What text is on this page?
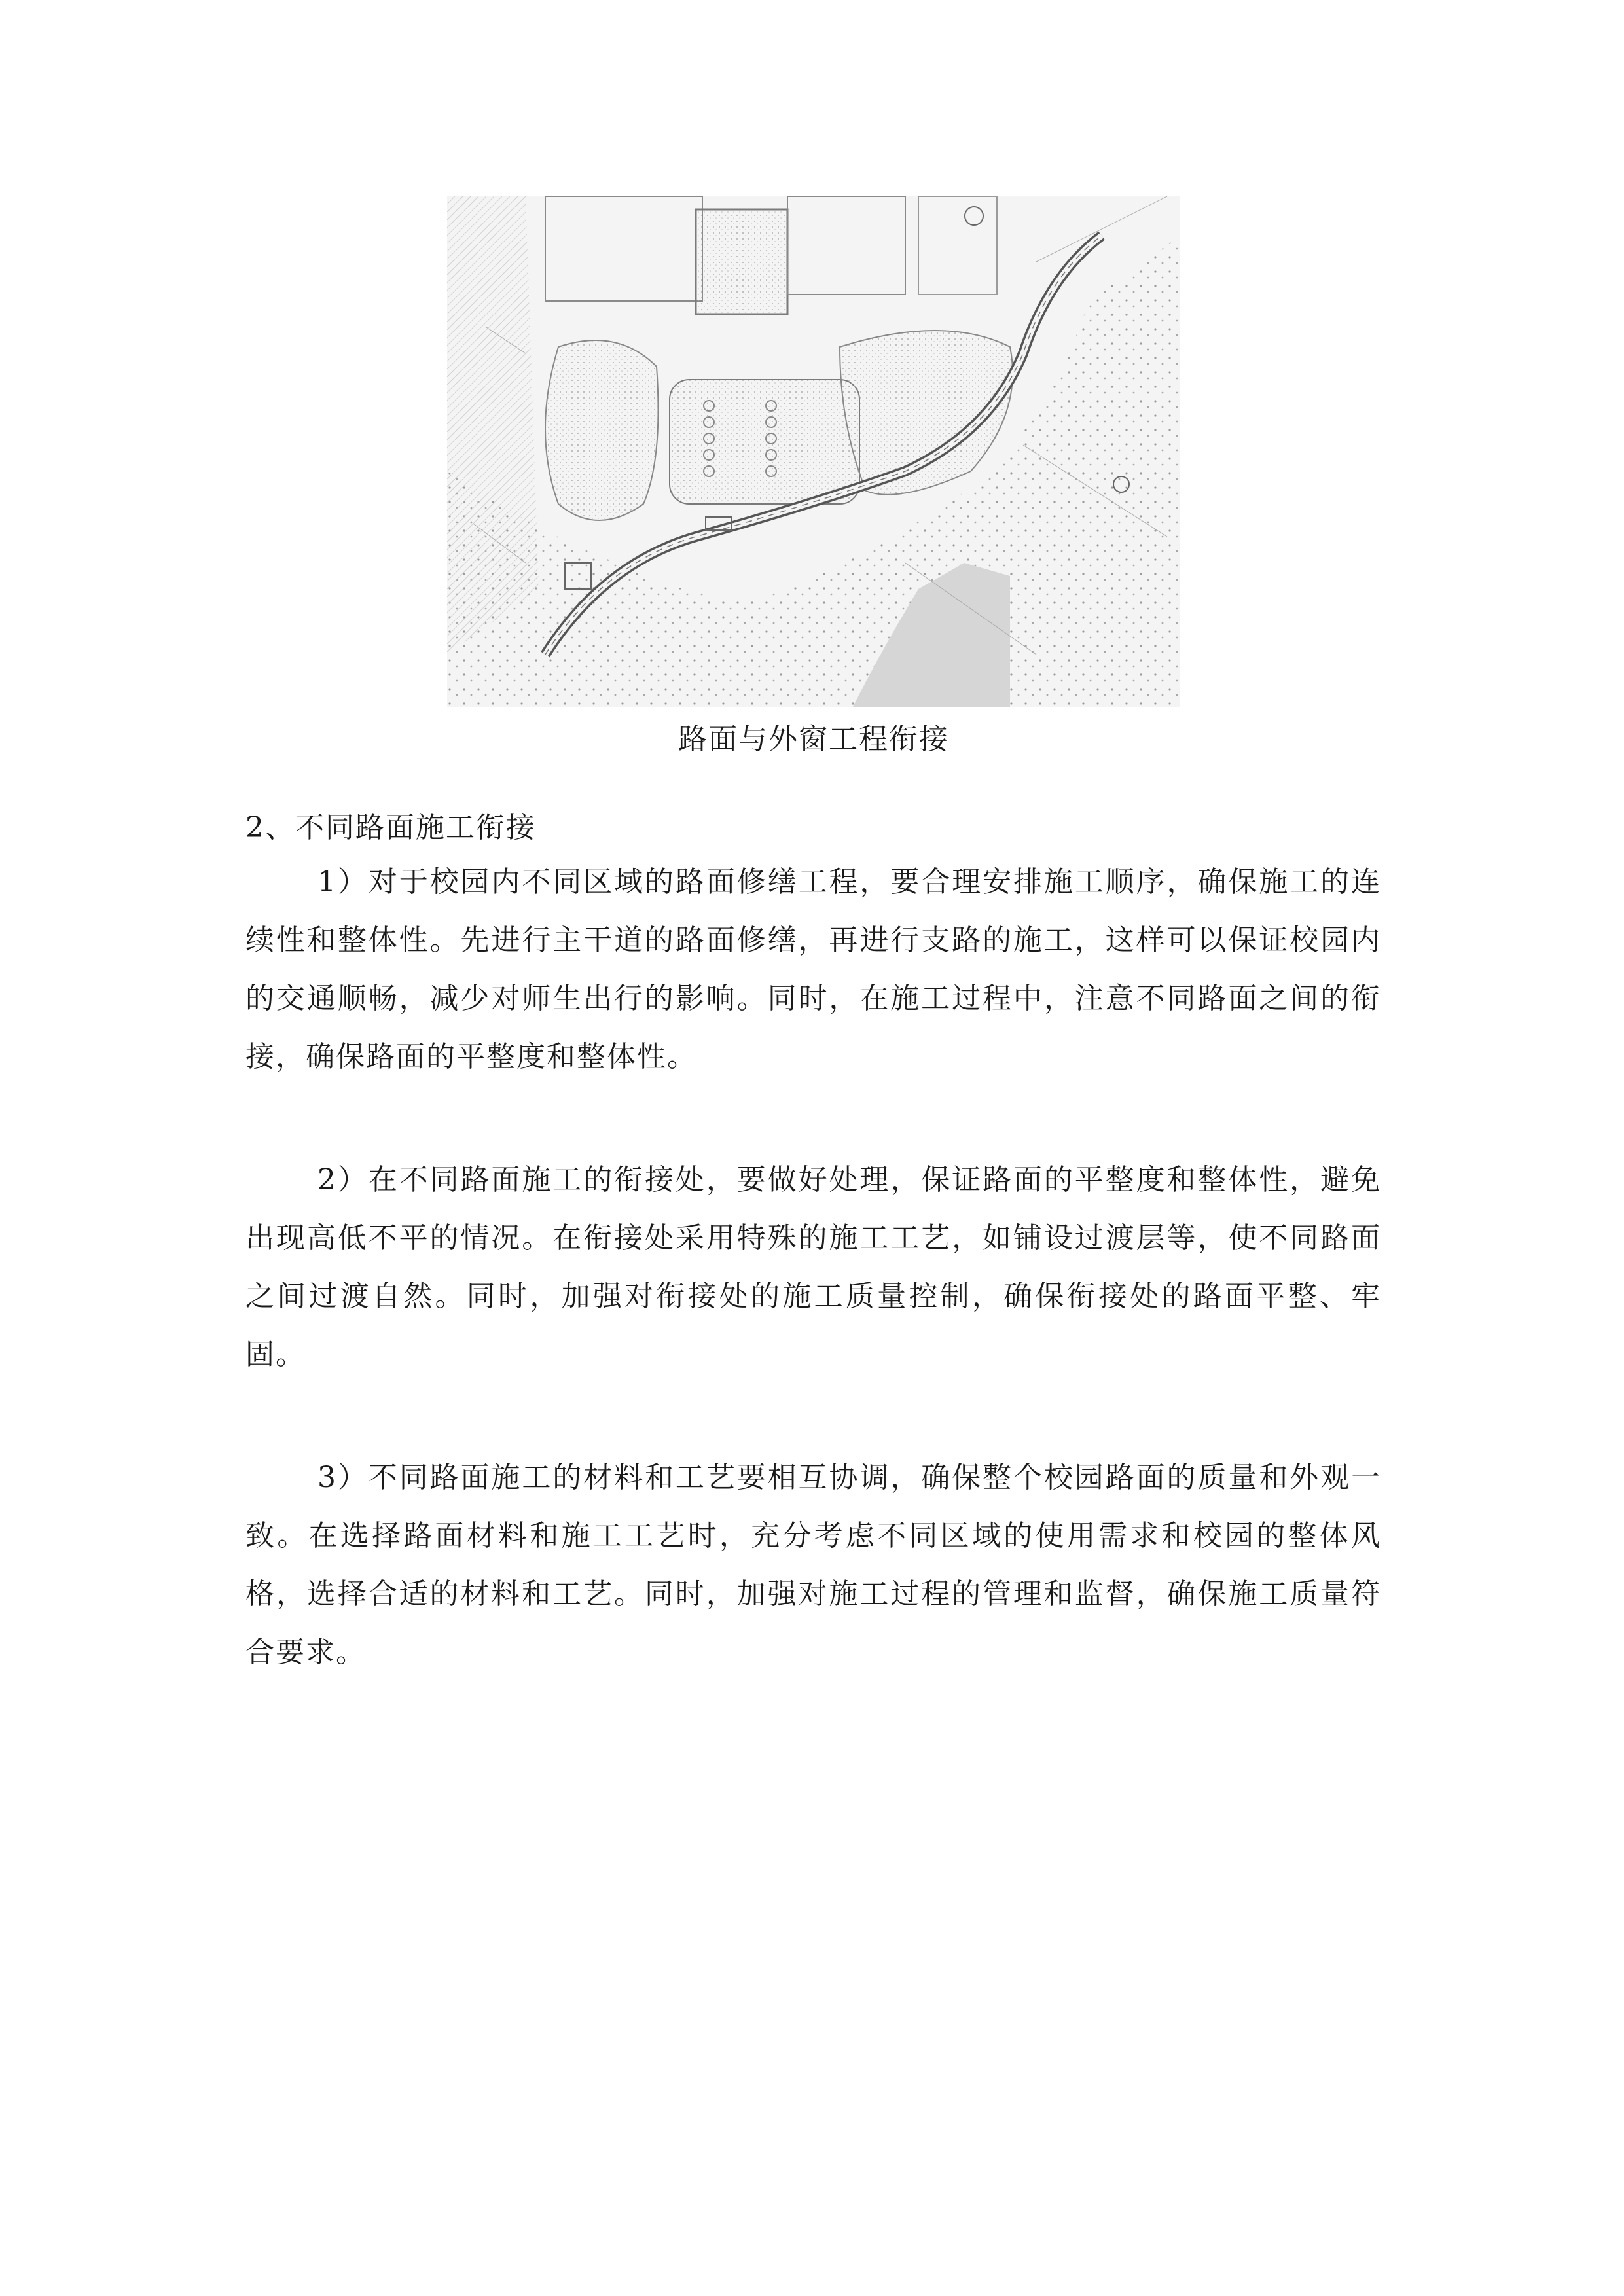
路面与外窗工程衔接
2、不同路面施工衔接

1）对于校园内不同区域的路面修缮工程，要合理安排施工顺序，确保施工的连续性和整体性。先进行主干道的路面修缮，再进行支路的施工，这样可以保证校园内的交通顺畅，减少对师生出行的影响。同时，在施工过程中，注意不同路面之间的衔接，确保路面的平整度和整体性。

2）在不同路面施工的衔接处，要做好处理，保证路面的平整度和整体性，避免出现高低不平的情况。在衔接处采用特殊的施工工艺，如铺设过渡层等，使不同路面之间过渡自然。同时，加强对衔接处的施工质量控制，确保衔接处的路面平整、牢固。

3）不同路面施工的材料和工艺要相互协调，确保整个校园路面的质量和外观一致。在选择路面材料和施工工艺时，充分考虑不同区域的使用需求和校园的整体风格，选择合适的材料和工艺。同时，加强对施工过程的管理和监督，确保施工质量符合要求。
